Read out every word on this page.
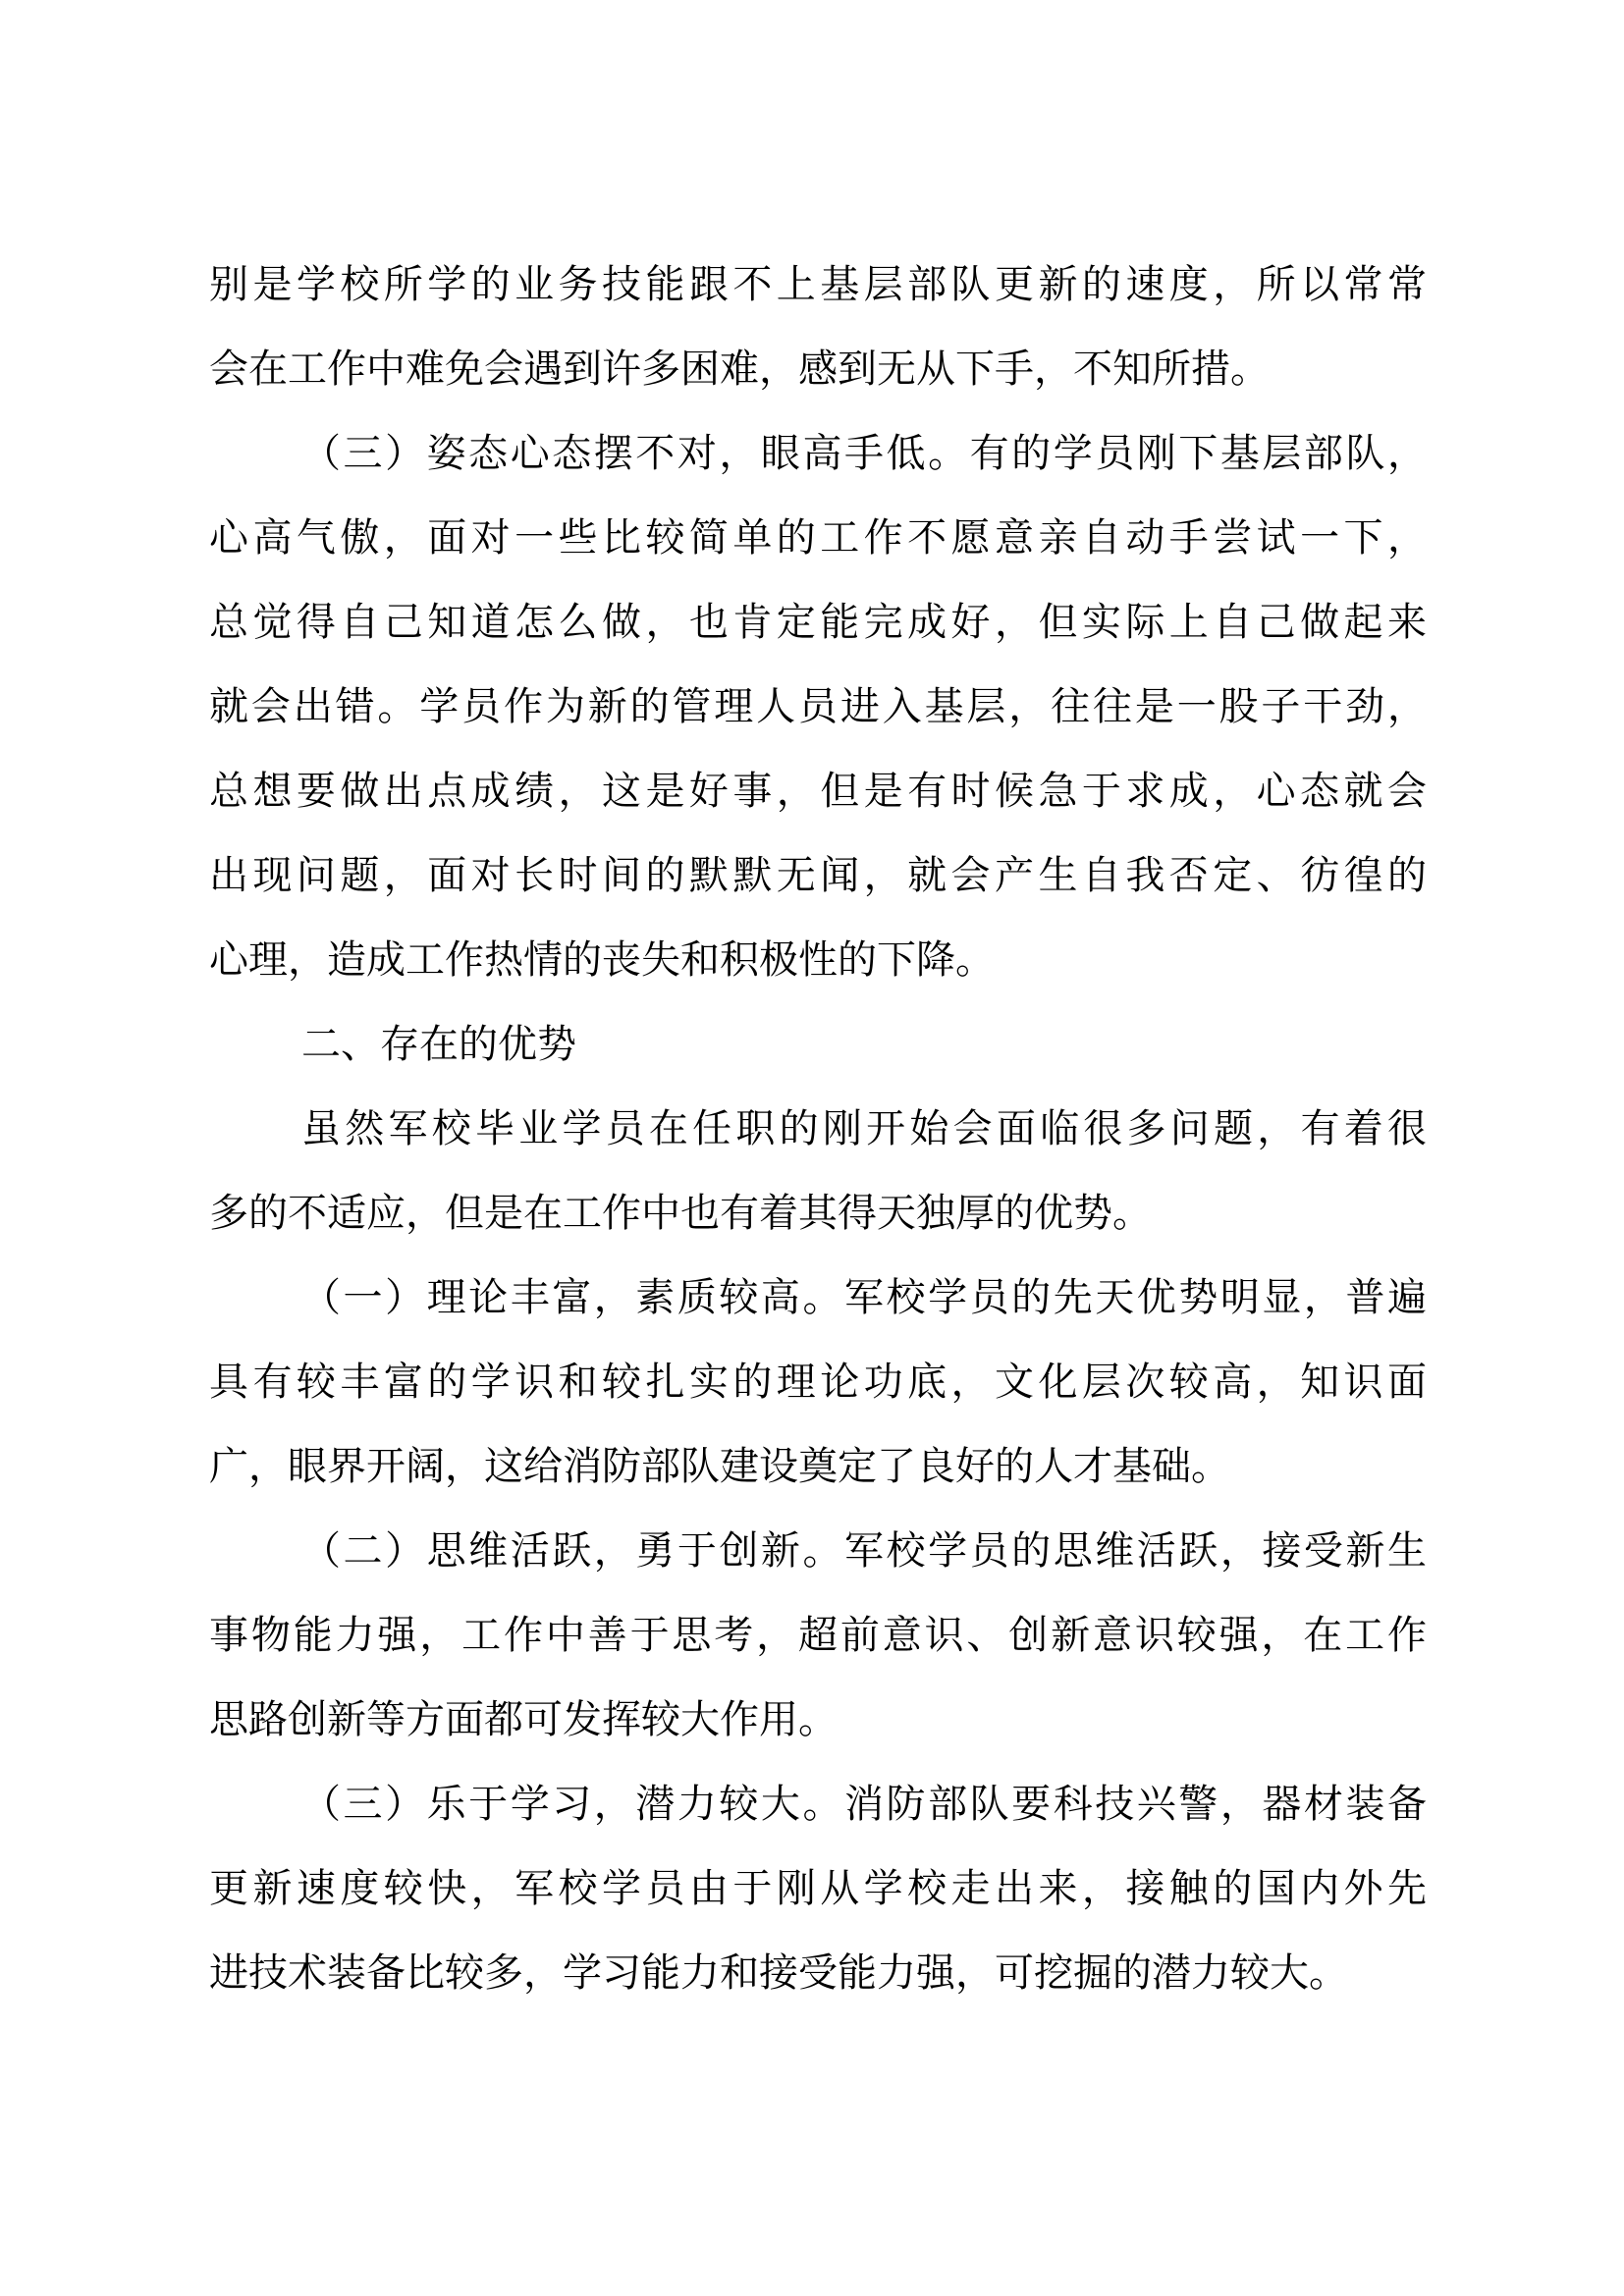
别是学校所学的业务技能跟不上基层部队更新的速度，所以常常
会在工作中难免会遇到许多困难，感到无从下手，不知所措。

（三）姿态心态摆不对，眼高手低。有的学员刚下基层部队，
心高气傲，面对一些比较简单的工作不愿意亲自动手尝试一下，
总觉得自己知道怎么做，也肯定能完成好，但实际上自己做起来
就会出错。学员作为新的管理人员进入基层，往往是一股子干劲，
总想要做出点成绩，这是好事，但是有时候急于求成，心态就会
出现问题，面对长时间的默默无闻，就会产生自我否定、彷徨的
心理，造成工作热情的丧失和积极性的下降。

二、存在的优势

虽然军校毕业学员在任职的刚开始会面临很多问题，有着很
多的不适应，但是在工作中也有着其得天独厚的优势。

（一）理论丰富，素质较高。军校学员的先天优势明显，普遍
具有较丰富的学识和较扎实的理论功底，文化层次较高，知识面
广，眼界开阔，这给消防部队建设奠定了良好的人才基础。

（二）思维活跃，勇于创新。军校学员的思维活跃，接受新生
事物能力强，工作中善于思考，超前意识、创新意识较强，在工作
思路创新等方面都可发挥较大作用。

（三）乐于学习，潜力较大。消防部队要科技兴警，器材装备
更新速度较快，军校学员由于刚从学校走出来，接触的国内外先
进技术装备比较多，学习能力和接受能力强，可挖掘的潜力较大。
